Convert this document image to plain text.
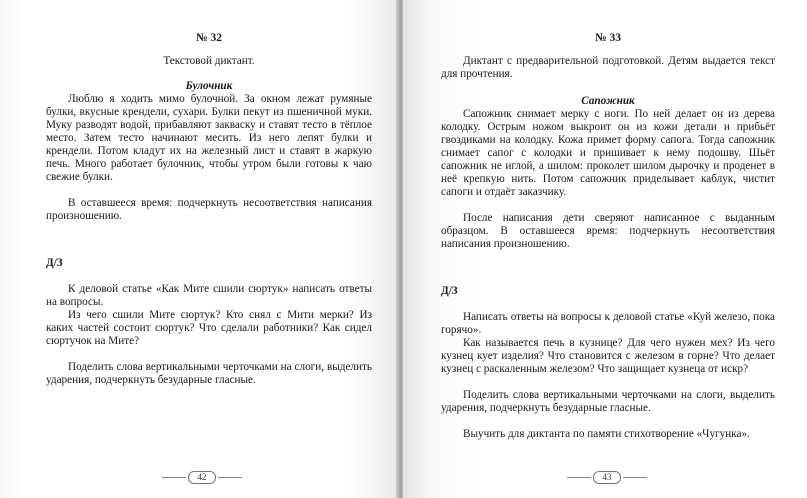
№ 32
Текстовой диктант.
Булочник

Люблю я ходить мимо булочной. За окном лежат румяные булки, вкусные крендели, сухари. Булки пекут из пшеничной муки. Муку разводят водой, прибавляют закваску и ставят тесто в тёплое место. Затем тесто начинают месить. Из него лепят булки и крендели. Потом кладут их на железный лист и ставят в жаркую печь. Много работает булочник, чтобы утром были готовы к чаю свежие булки.

В оставшееся время: подчеркнуть несоответствия написания произношению.

Д/З

К деловой статье «Как Мите сшили сюртук» написать ответы на вопросы.

Из чего сшили Мите сюртук? Кто снял с Мити мерки? Из каких частей состоит сюртук? Что сделали работники? Как сидел сюртучок на Мите?

Поделить слова вертикальными черточками на слоги, выделить ударения, подчеркнуть безударные гласные.

42
№ 33

Диктант с предварительной подготовкой. Детям выдается текст для прочтения.

Сапожник

Сапожник снимает мерку с ноги. По ней делает он из дерева колодку. Острым ножом выкроит он из кожи детали и прибьёт гвоздиками на колодку. Кожа примет форму сапога. Тогда сапожник снимает сапог с колодки и пришивает к нему подошву. Шьёт сапожник не иглой, а шилом: проколет шилом дырочку и проденет в неё крепкую нить. Потом сапожник приделывает каблук, чистит сапоги и отдаёт заказчику.

После написания дети сверяют написанное с выданным образцом. В оставшееся время: подчеркнуть несоответствия написания произношению.

Д/З

Написать ответы на вопросы к деловой статье «Куй железо, пока горячо».

Как называется печь в кузнице? Для чего нужен мех? Из чего кузнец кует изделия? Что становится с железом в горне? Что делает кузнец с раскаленным железом? Что защищает кузнеца от искр?

Поделить слова вертикальными черточками на слоги, выделить ударения, подчеркнуть безударные гласные.

Выучить для диктанта по памяти стихотворение «Чугунка».

43
